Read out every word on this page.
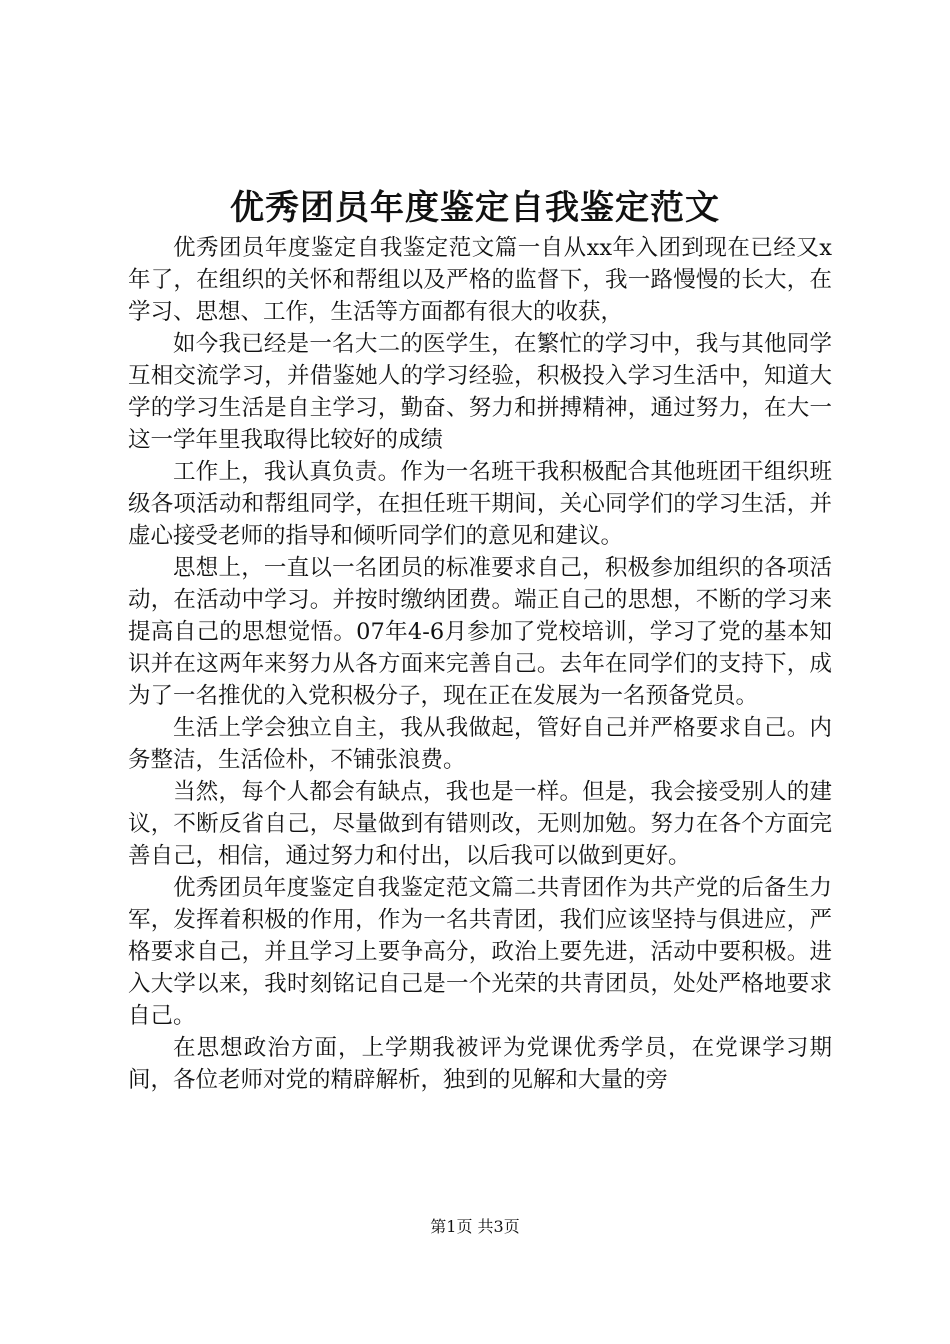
优秀团员年度鉴定自我鉴定范文

优秀团员年度鉴定自我鉴定范文篇一自从xx年入团到现在已经又x年了，在组织的关怀和帮组以及严格的监督下，我一路慢慢的长大，在学习、思想、工作，生活等方面都有很大的收获，

如今我已经是一名大二的医学生，在繁忙的学习中，我与其他同学互相交流学习，并借鉴她人的学习经验，积极投入学习生活中，知道大学的学习生活是自主学习，勤奋、努力和拼搏精神，通过努力，在大一这一学年里我取得比较好的成绩

工作上，我认真负责。作为一名班干我积极配合其他班团干组织班级各项活动和帮组同学，在担任班干期间，关心同学们的学习生活，并虚心接受老师的指导和倾听同学们的意见和建议。

思想上，一直以一名团员的标准要求自己，积极参加组织的各项活动，在活动中学习。并按时缴纳团费。端正自己的思想，不断的学习来提高自己的思想觉悟。07年4-6月参加了党校培训，学习了党的基本知识并在这两年来努力从各方面来完善自己。去年在同学们的支持下，成为了一名推优的入党积极分子，现在正在发展为一名预备党员。

生活上学会独立自主，我从我做起，管好自己并严格要求自己。内务整洁，生活俭朴，不铺张浪费。

当然，每个人都会有缺点，我也是一样。但是，我会接受别人的建议，不断反省自己，尽量做到有错则改，无则加勉。努力在各个方面完善自己，相信，通过努力和付出，以后我可以做到更好。

优秀团员年度鉴定自我鉴定范文篇二共青团作为共产党的后备生力军，发挥着积极的作用，作为一名共青团，我们应该坚持与俱进应，严格要求自己，并且学习上要争高分，政治上要先进，活动中要积极。进入大学以来，我时刻铭记自己是一个光荣的共青团员，处处严格地要求自己。

在思想政治方面，上学期我被评为党课优秀学员，在党课学习期间，各位老师对党的精辟解析，独到的见解和大量的旁

第1页 共3页
